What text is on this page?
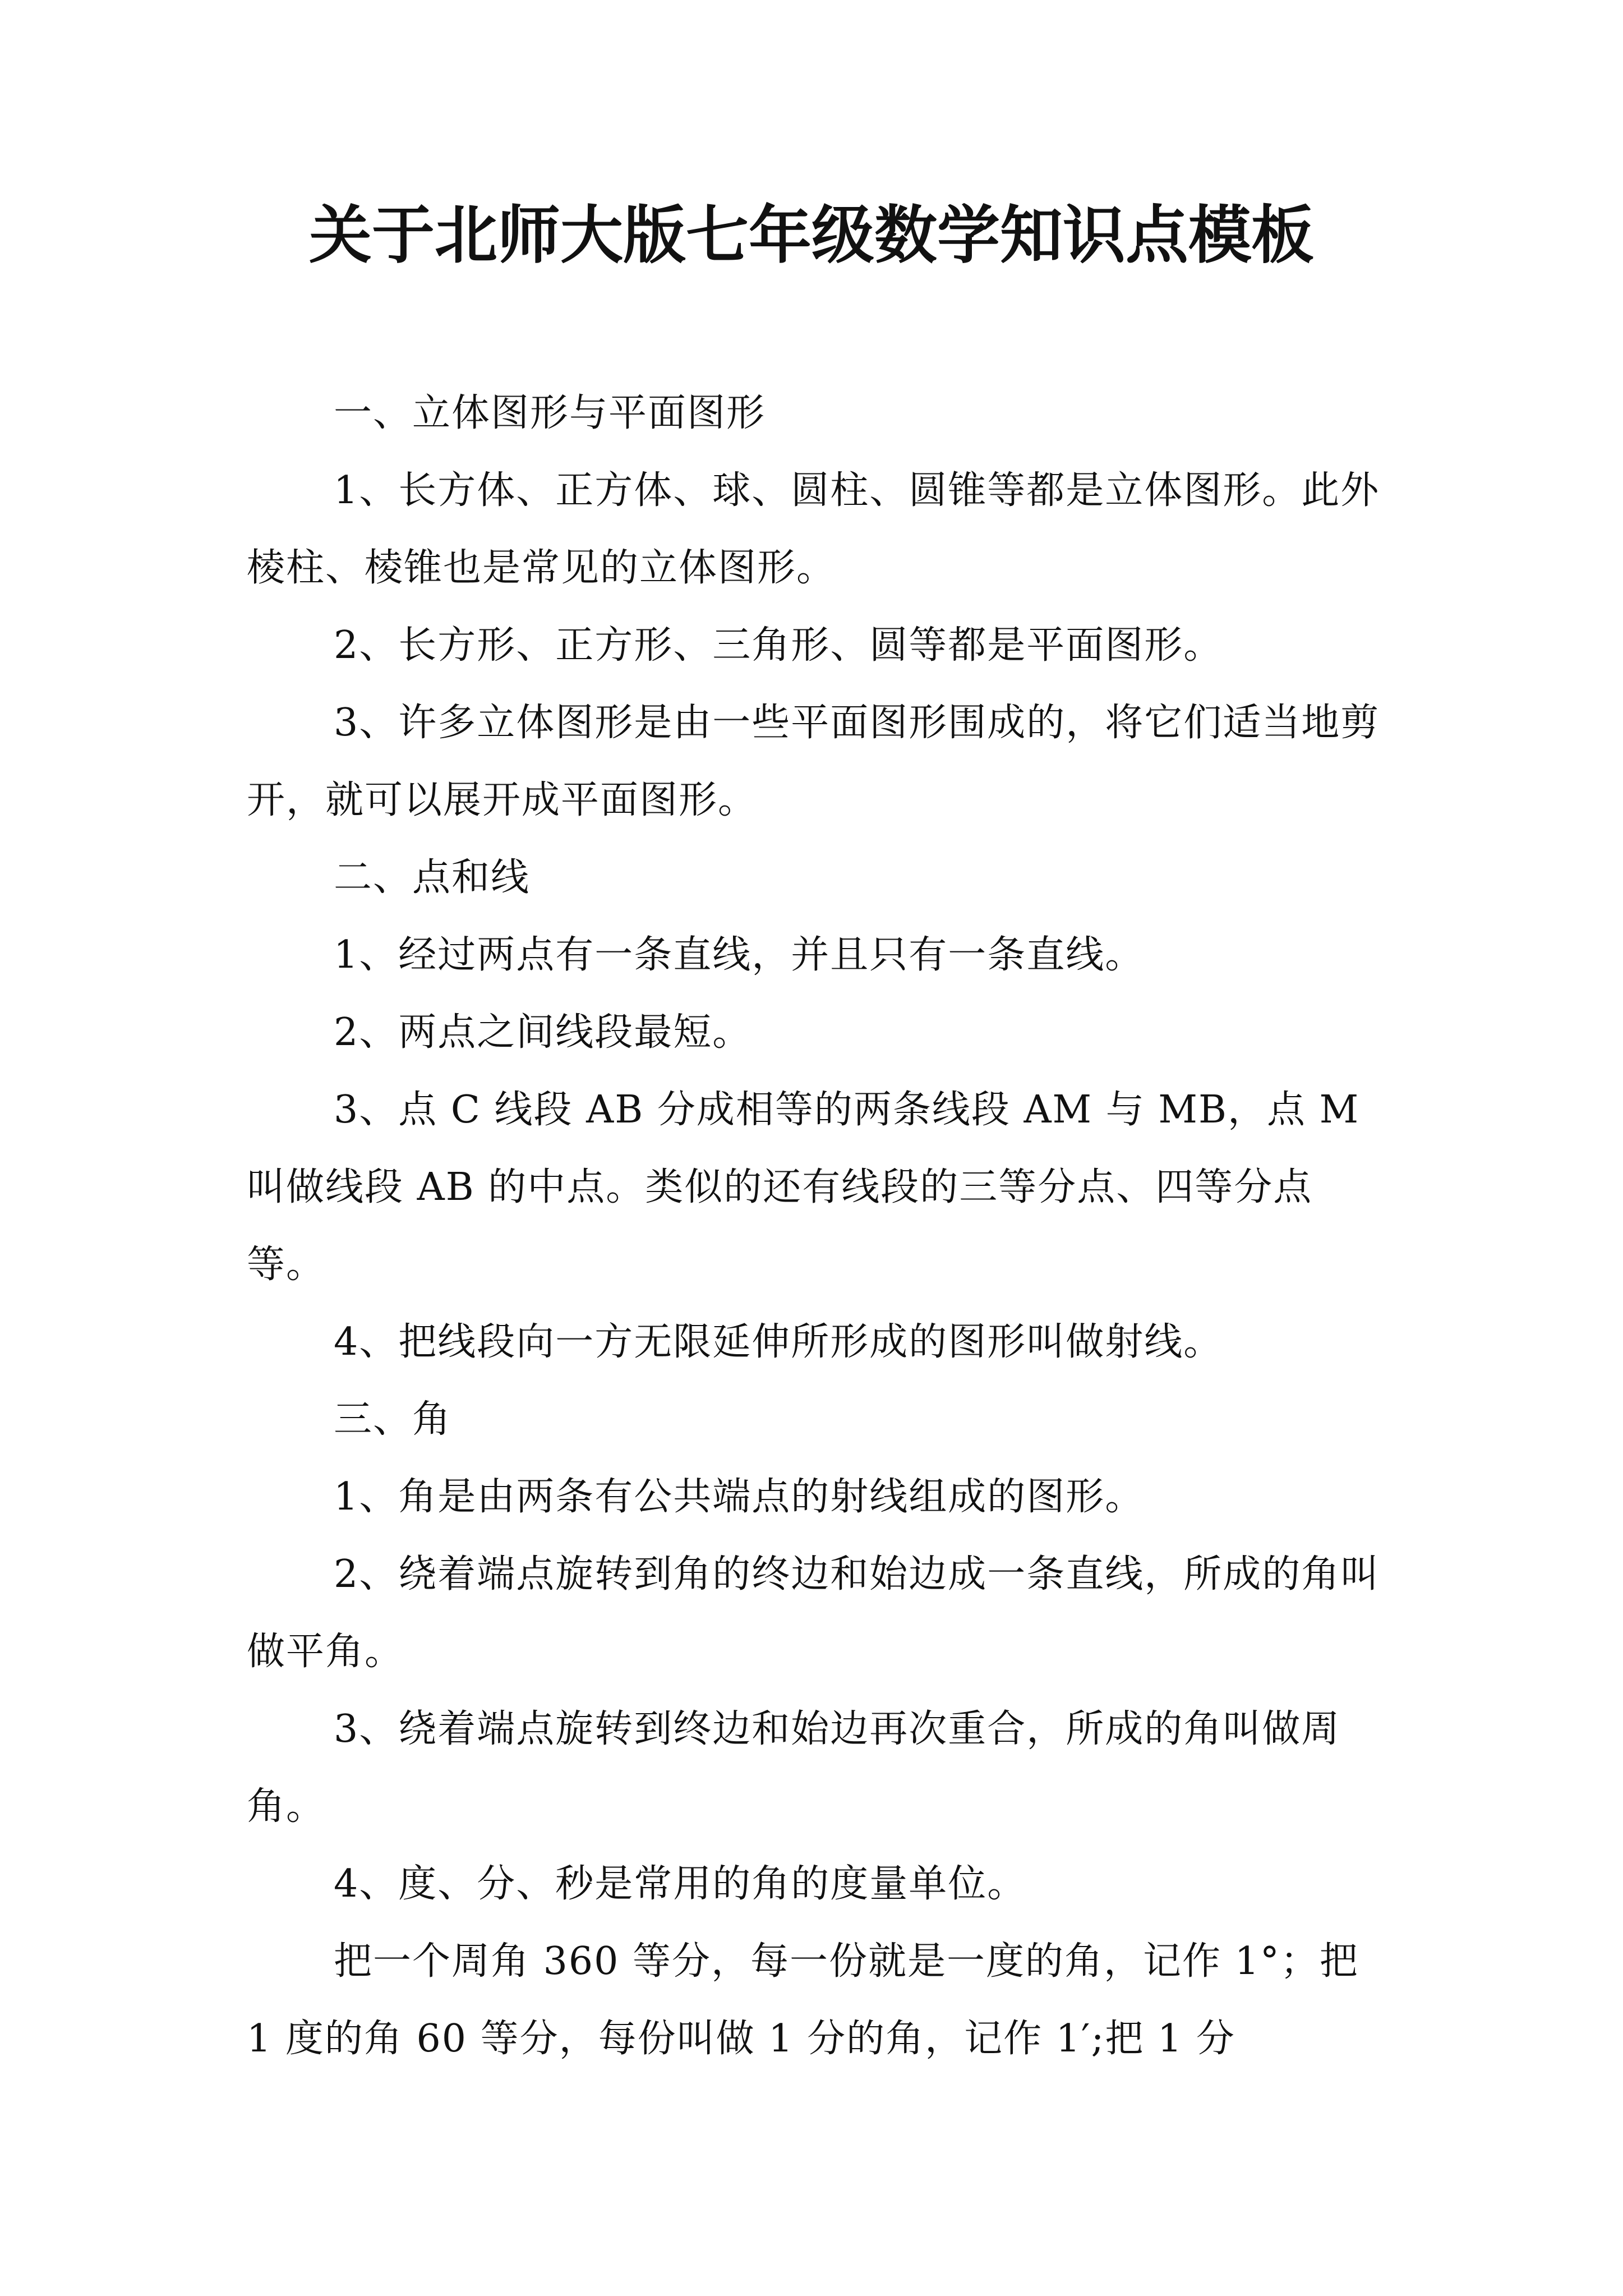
关于北师大版七年级数学知识点模板

一、立体图形与平面图形

1、长方体、正方体、球、圆柱、圆锥等都是立体图形。此外棱柱、棱锥也是常见的立体图形。

2、长方形、正方形、三角形、圆等都是平面图形。

3、许多立体图形是由一些平面图形围成的，将它们适当地剪开，就可以展开成平面图形。

二、点和线

1、经过两点有一条直线，并且只有一条直线。

2、两点之间线段最短。

3、点 C 线段 AB 分成相等的两条线段 AM 与 MB，点 M 叫做线段 AB 的中点。类似的还有线段的三等分点、四等分点等。

4、把线段向一方无限延伸所形成的图形叫做射线。

三、角

1、角是由两条有公共端点的射线组成的图形。

2、绕着端点旋转到角的终边和始边成一条直线，所成的角叫做平角。

3、绕着端点旋转到终边和始边再次重合，所成的角叫做周角。

4、度、分、秒是常用的角的度量单位。

把一个周角 360 等分，每一份就是一度的角，记作 1°；把 1 度的角 60 等分，每份叫做 1 分的角，记作 1′;把 1 分
